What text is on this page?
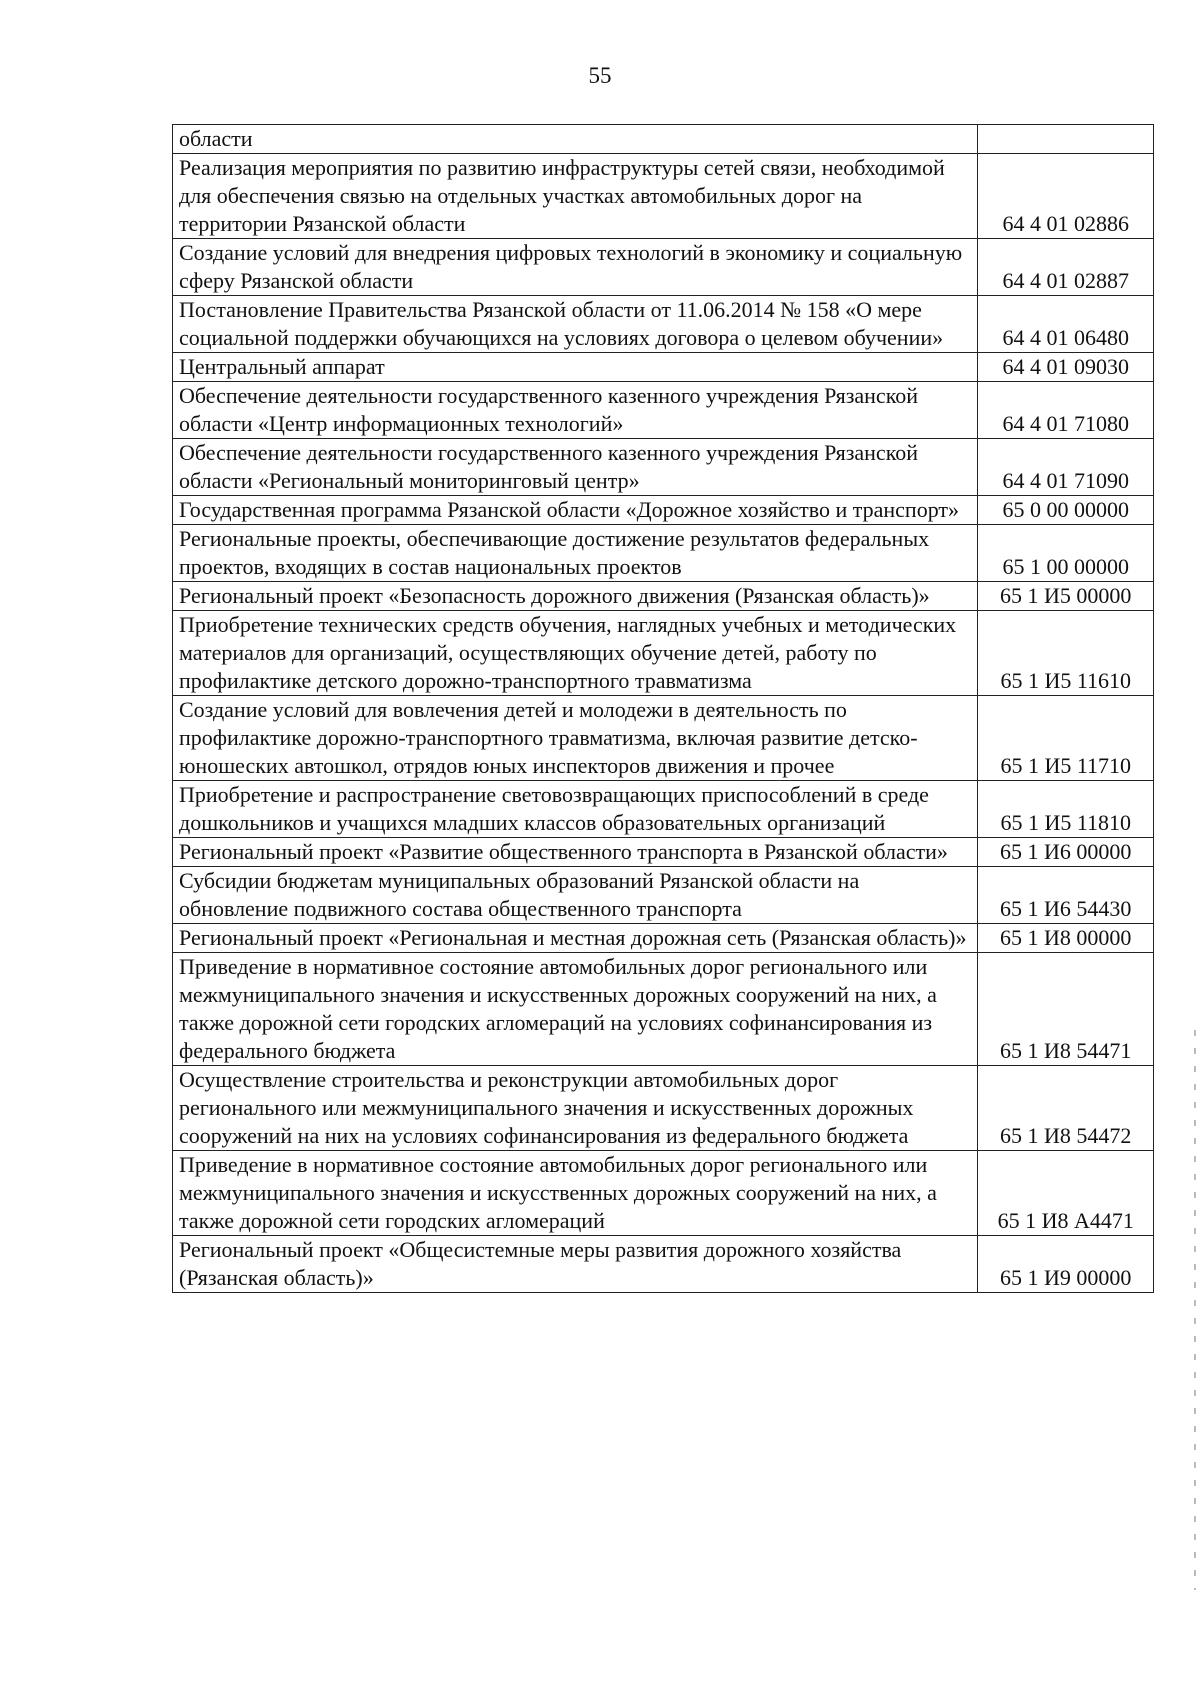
55
области	
Реализация мероприятия по развитию инфраструктуры сетей связи, необходимой для обеспечения связью на отдельных участках автомобильных дорог на территории Рязанской области	64 4 01 02886
Создание условий для внедрения цифровых технологий в экономику и социальную сферу Рязанской области	64 4 01 02887
Постановление Правительства Рязанской области от 11.06.2014 № 158 «О мере социальной поддержки обучающихся на условиях договора о целевом обучении»	64 4 01 06480
Центральный аппарат	64 4 01 09030
Обеспечение деятельности государственного казенного учреждения Рязанской области «Центр информационных технологий»	64 4 01 71080
Обеспечение деятельности государственного казенного учреждения Рязанской области «Региональный мониторинговый центр»	64 4 01 71090
Государственная программа Рязанской области «Дорожное хозяйство и транспорт»	65 0 00 00000
Региональные проекты, обеспечивающие достижение результатов федеральных проектов, входящих в состав национальных проектов	65 1 00 00000
Региональный проект «Безопасность дорожного движения (Рязанская область)»	65 1 И5 00000
Приобретение технических средств обучения, наглядных учебных и методических материалов для организаций, осуществляющих обучение детей, работу по профилактике детского дорожно-транспортного травматизма	65 1 И5 11610
Создание условий для вовлечения детей и молодежи в деятельность по профилактике дорожно-транспортного травматизма, включая развитие детско-юношеских автошкол, отрядов юных инспекторов движения и прочее	65 1 И5 11710
Приобретение и распространение световозвращающих приспособлений в среде дошкольников и учащихся младших классов образовательных организаций	65 1 И5 11810
Региональный проект «Развитие общественного транспорта в Рязанской области»	65 1 И6 00000
Субсидии бюджетам муниципальных образований Рязанской области на обновление подвижного состава общественного транспорта	65 1 И6 54430
Региональный проект «Региональная и местная дорожная сеть (Рязанская область)»	65 1 И8 00000
Приведение в нормативное состояние автомобильных дорог регионального или межмуниципального значения и искусственных дорожных сооружений на них, а также дорожной сети городских агломераций на условиях софинансирования из федерального бюджета	65 1 И8 54471
Осуществление строительства и реконструкции автомобильных дорог регионального или межмуниципального значения и искусственных дорожных сооружений на них на условиях софинансирования из федерального бюджета	65 1 И8 54472
Приведение в нормативное состояние автомобильных дорог регионального или межмуниципального значения и искусственных дорожных сооружений на них, а также дорожной сети городских агломераций	65 1 И8 А4471
Региональный проект «Общесистемные меры развития дорожного хозяйства (Рязанская область)»	65 1 И9 00000
